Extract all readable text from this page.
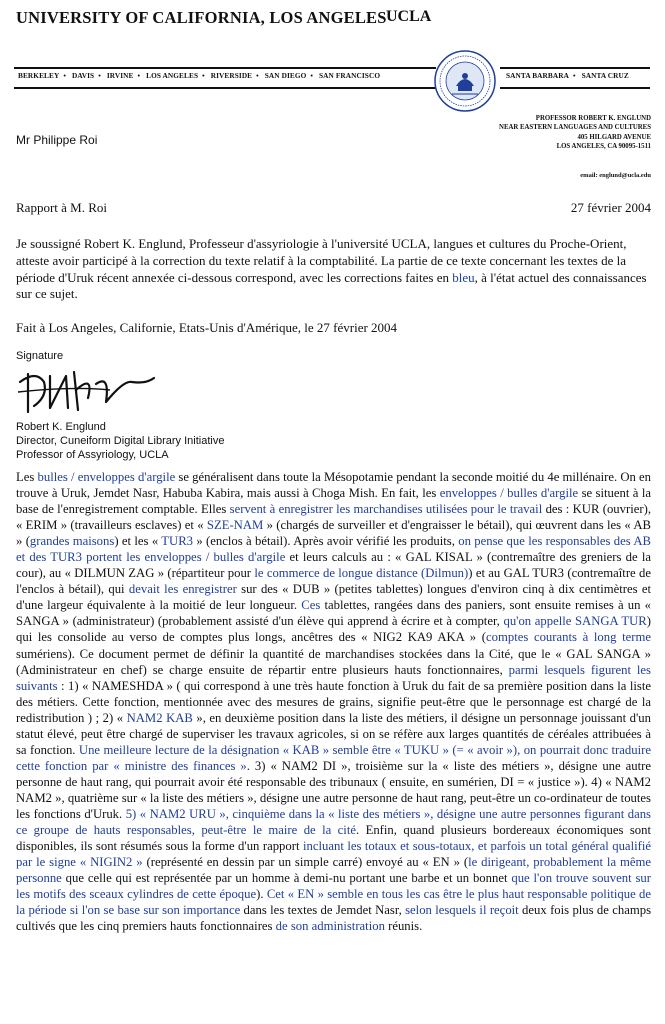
UNIVERSITY OF CALIFORNIA, LOS ANGELES UCLA
BERKELEY • DAVIS • IRVINE • LOS ANGELES • RIVERSIDE • SAN DIEGO • SAN FRANCISCO	SANTA BARBARA • SANTA CRUZ
PROFESSOR ROBERT K. ENGLUND
NEAR EASTERN LANGUAGES AND CULTURES
405 HILGARD AVENUE
LOS ANGELES, CA 90095-1511
email: englund@ucla.edu
Mr Philippe Roi
Rapport à M. Roi	27 février 2004
Je soussigné Robert K. Englund, Professeur d'assyriologie à l'université UCLA, langues et cultures du Proche-Orient, atteste avoir participé à la correction du texte relatif à la comptabilité. La partie de ce texte concernant les textes de la période d'Uruk récent annexée ci-dessous correspond, avec les corrections faites en bleu, à l'état actuel des connaissances sur ce sujet.
Fait à Los Angeles, Californie, Etats-Unis d'Amérique, le 27 février 2004
Signature
Robert K. Englund
Director, Cuneiform Digital Library Initiative
Professor of Assyriology, UCLA
Les bulles / enveloppes d'argile se généralisent dans toute la Mésopotamie pendant la seconde moitié du 4e millénaire. On en trouve à Uruk, Jemdet Nasr, Habuba Kabira, mais aussi à Choga Mish. En fait, les enveloppes / bulles d'argile se situent à la base de l'enregistrement comptable. Elles servent à enregistrer les marchandises utilisées pour le travail des : KUR (ouvrier), « ERIM » (travailleurs esclaves) et « SZE-NAM » (chargés de surveiller et d'engraisser le bétail), qui œuvrent dans les « AB » (grandes maisons) et les « TUR3 » (enclos à bétail). Après avoir vérifié les produits, on pense que les responsables des AB et des TUR3 portent les enveloppes / bulles d'argile et leurs calculs au : « GAL KISAL » (contremaître des greniers de la cour), au « DILMUN ZAG » (répartiteur pour le commerce de longue distance (Dilmun)) et au GAL TUR3 (contremaître de l'enclos à bétail), qui devait les enregistrer sur des « DUB » (petites tablettes) longues d'environ cinq à dix centimètres et d'une largeur équivalente à la moitié de leur longueur. Ces tablettes, rangées dans des paniers, sont ensuite remises à un « SANGA » (administrateur) (probablement assisté d'un élève qui apprend à écrire et à compter, qu'on appelle SANGA TUR) qui les consolide au verso de comptes plus longs, ancêtres des « NIG2 KA9 AKA » (comptes courants à long terme sumériens). Ce document permet de définir la quantité de marchandises stockées dans la Cité, que le « GAL SANGA » (Administrateur en chef) se charge ensuite de répartir entre plusieurs hauts fonctionnaires, parmi lesquels figurent les suivants : 1) « NAMESHDA » ( qui correspond à une très haute fonction à Uruk du fait de sa première position dans la liste des métiers. Cette fonction, mentionnée avec des mesures de grains, signifie peut-être que le personnage est chargé de la redistribution ) ; 2) « NAM2 KAB », en deuxième position dans la liste des métiers, il désigne un personnage jouissant d'un statut élevé, peut être chargé de superviser les travaux agricoles, si on se réfère aux larges quantités de céréales attribuées à sa fonction. Une meilleure lecture de la désignation « KAB » semble être « TUKU » (= « avoir »), on pourrait donc traduire cette fonction par « ministre des finances ». 3) « NAM2 DI », troisième sur la « liste des métiers », désigne une autre personne de haut rang, qui pourrait avoir été responsable des tribunaux ( ensuite, en sumérien, DI = « justice »). 4) « NAM2 NAM2 », quatrième sur « la liste des métiers », désigne une autre personne de haut rang, peut-être un co-ordinateur de toutes les fonctions d'Uruk. 5) « NAM2 URU », cinquième dans la « liste des métiers », désigne une autre personnes figurant dans ce groupe de hauts responsables, peut-être le maire de la cité. Enfin, quand plusieurs bordereaux économiques sont disponibles, ils sont résumés sous la forme d'un rapport incluant les totaux et sous-totaux, et parfois un total général qualifié par le signe « NIGIN2 » (représenté en dessin par un simple carré) envoyé au « EN » (le dirigeant, probablement la même personne que celle qui est représentée par un homme à demi-nu portant une barbe et un bonnet que l'on trouve souvent sur les motifs des sceaux cylindres de cette époque). Cet « EN » semble en tous les cas être le plus haut responsable politique de la période si l'on se base sur son importance dans les textes de Jemdet Nasr, selon lesquels il reçoit deux fois plus de champs cultivés que les cinq premiers hauts fonctionnaires de son administration réunis.
